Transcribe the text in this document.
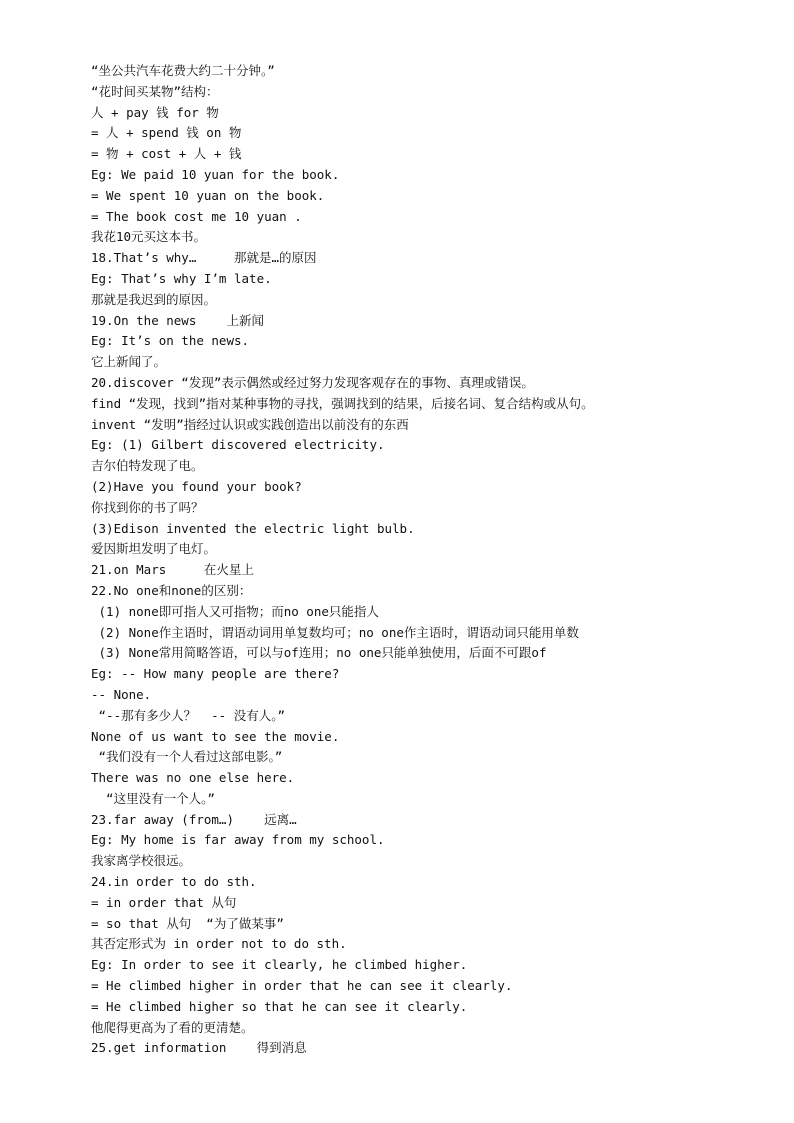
“坐公共汽车花费大约二十分钟。”
“花时间买某物”结构：
人 + pay 钱 for 物
= 人 + spend 钱 on 物
= 物 + cost + 人 + 钱
Eg: We paid 10 yuan for the book.
= We spent 10 yuan on the book.
= The book cost me 10 yuan .
我花10元买这本书。
18.That’s why…     那就是…的原因
Eg: That’s why I’m late.
那就是我迟到的原因。
19.On the news    上新闻
Eg: It’s on the news.
它上新闻了。
20.discover “发现”表示偶然或经过努力发现客观存在的事物、真理或错误。
find “发现，找到”指对某种事物的寻找，强调找到的结果，后接名词、复合结构或从句。
invent “发明”指经过认识或实践创造出以前没有的东西
Eg: (1) Gilbert discovered electricity.
吉尔伯特发现了电。
(2)Have you found your book?
你找到你的书了吗？
(3)Edison invented the electric light bulb.
爱因斯坦发明了电灯。
21.on Mars     在火星上
22.No one和none的区别：
(1) none即可指人又可指物；而no one只能指人
(2) None作主语时，谓语动词用单复数均可；no one作主语时，谓语动词只能用单数
(3) None常用简略答语，可以与of连用；no one只能单独使用，后面不可跟of
Eg: -- How many people are there?
-- None.
“--那有多少人？  -- 没有人。”
None of us want to see the movie.
“我们没有一个人看过这部电影。”
There was no one else here.
“这里没有一个人。”
23.far away (from…)    远离…
Eg: My home is far away from my school.
我家离学校很远。
24.in order to do sth.
= in order that 从句
= so that 从句  “为了做某事”
其否定形式为 in order not to do sth.
Eg: In order to see it clearly, he climbed higher.
= He climbed higher in order that he can see it clearly.
= He climbed higher so that he can see it clearly.
他爬得更高为了看的更清楚。
25.get information    得到消息
